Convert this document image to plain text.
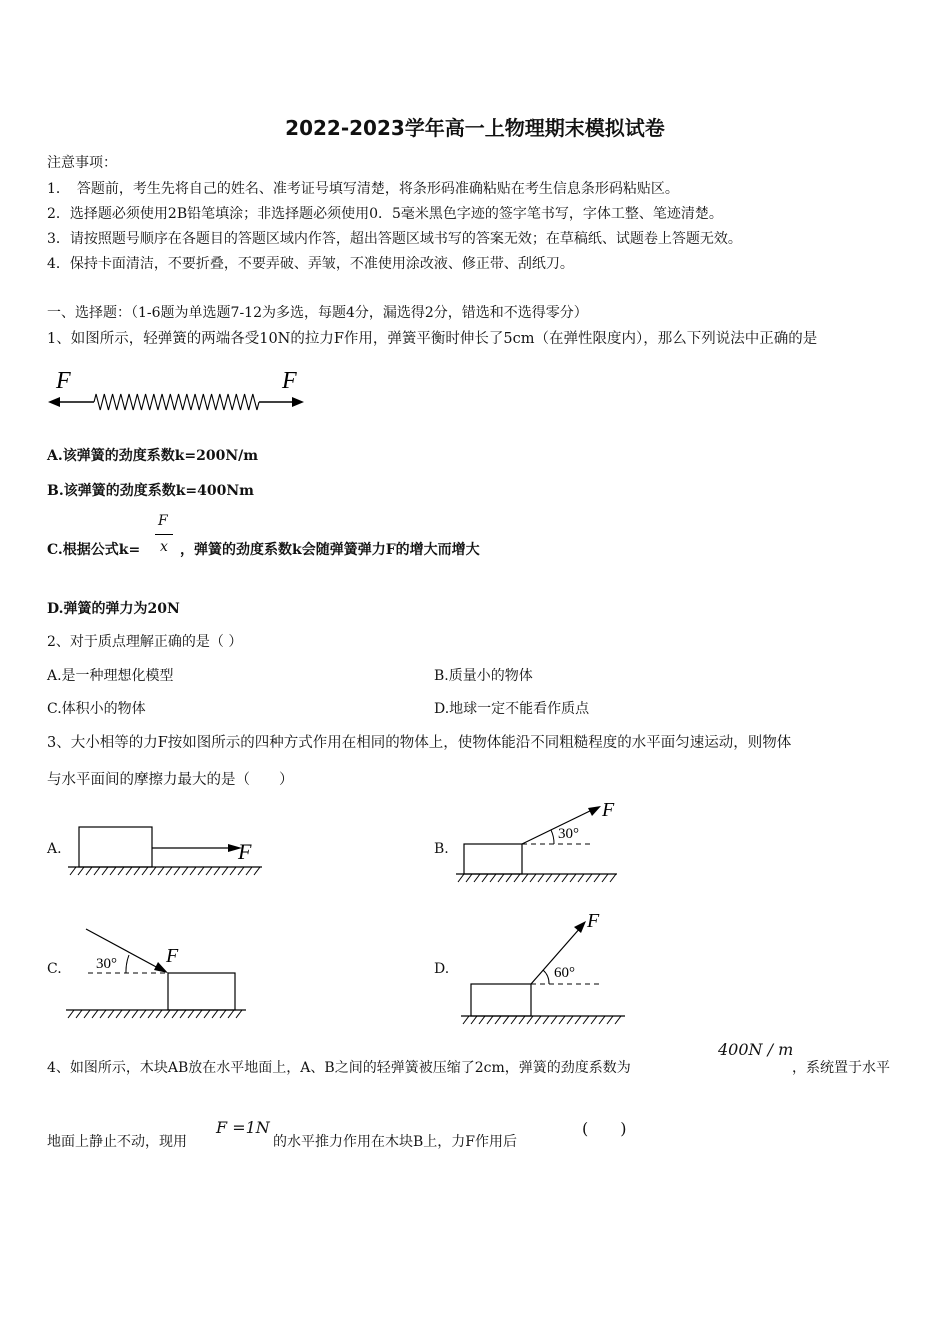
2022-2023学年高一上物理期末模拟试卷
注意事项：
1．　答题前，考生先将自己的姓名、准考证号填写清楚，将条形码准确粘贴在考生信息条形码粘贴区。
2．选择题必须使用2B铅笔填涂；非选择题必须使用0．5毫米黑色字迹的签字笔书写，字体工整、笔迹清楚。
3．请按照题号顺序在各题目的答题区域内作答，超出答题区域书写的答案无效；在草稿纸、试题卷上答题无效。
4．保持卡面清洁，不要折叠，不要弄破、弄皱，不准使用涂改液、修正带、刮纸刀。
一、选择题：（1-6题为单选题7-12为多选，每题4分，漏选得2分，错选和不选得零分）
1、如图所示，轻弹簧的两端各受10N的拉力F作用，弹簧平衡时伸长了5cm（在弹性限度内），那么下列说法中正确的是
F	F
A.该弹簧的劲度系数k=200N/m
B.该弹簧的劲度系数k=400Nm
C.根据公式k=
F
x ，弹簧的劲度系数k会随弹簧弹力F的增大而增大
D.弹簧的弹力为20N
2、对于质点理解正确的是（ ）
A.是一种理想化模型	B.质量小的物体
C.体积小的物体	D.地球一定不能看作质点
3、大小相等的力F按如图所示的四种方式作用在相同的物体上，使物体能沿不同粗糙程度的水平面匀速运动，则物体
与水平面间的摩擦力最大的是（　　）
A.	F	B.
F
30°
C.
F
30°	D.
F
60°
4、如图所示，木块AB放在水平地面上，A、B之间的轻弹簧被压缩了2cm，弹簧的劲度系数为
400N / m
，系统置于水平
地面上静止不动，现用
F =1N
的水平推力作用在木块B上，力F作用后
(　　)
